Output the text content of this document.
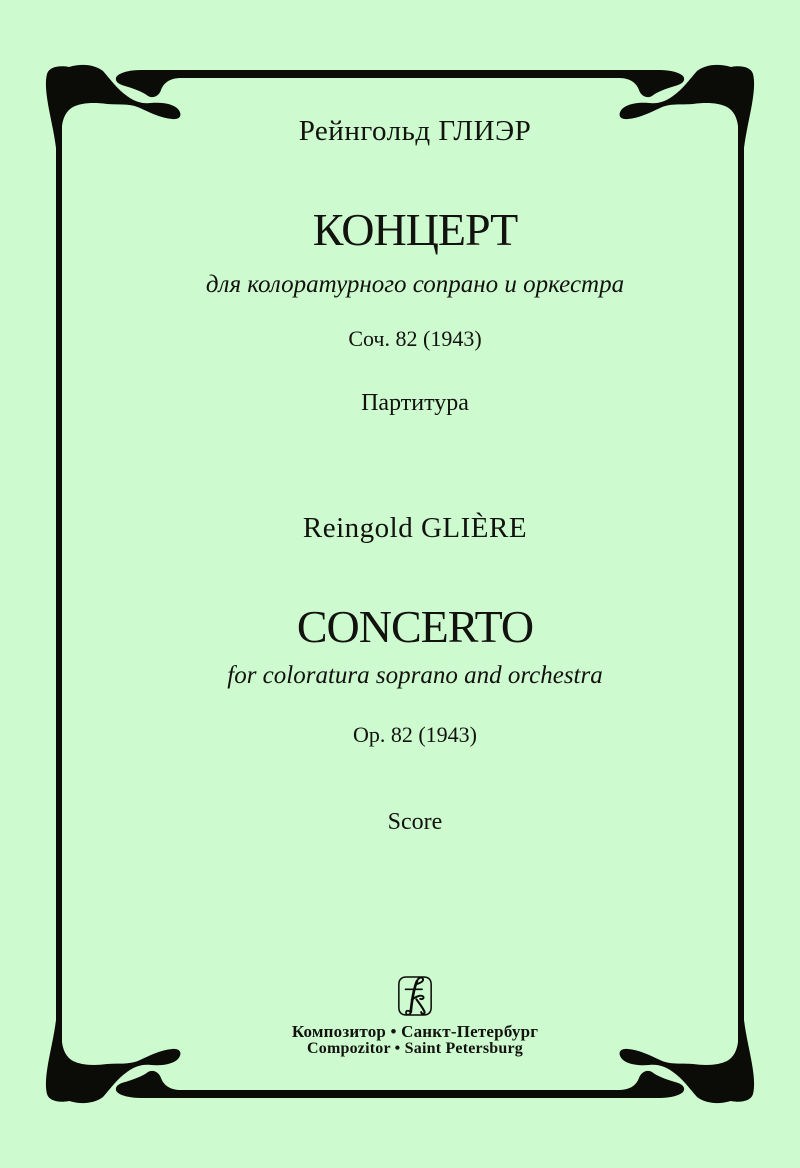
Рейнгольд ГЛИЭР
КОНЦЕРТ
для колоратурного сопрано и оркестра
Соч. 82 (1943)
Партитура
Reingold GLIÈRE
CONCERTO
for coloratura soprano and orchestra
Op. 82 (1943)
Score
Композитор • Санкт-Петербург
Compozitor • Saint Petersburg
